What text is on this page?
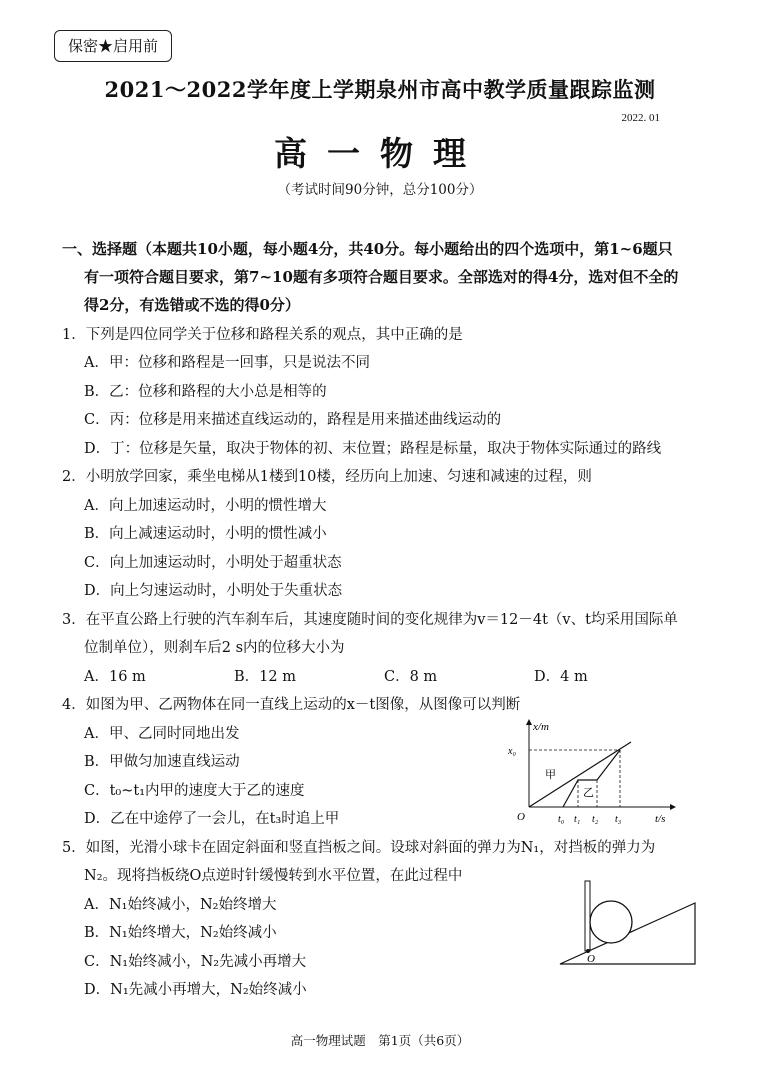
保密★启用前
2021～2022学年度上学期泉州市高中教学质量跟踪监测
2022. 01
高一物理
（考试时间90分钟，总分100分）
一、选择题（本题共10小题，每小题4分，共40分。每小题给出的四个选项中，第1~6题只
有一项符合题目要求，第7~10题有多项符合题目要求。全部选对的得4分，选对但不全的
得2分，有选错或不选的得0分）
1．下列是四位同学关于位移和路程关系的观点，其中正确的是
A．甲：位移和路程是一回事，只是说法不同
B．乙：位移和路程的大小总是相等的
C．丙：位移是用来描述直线运动的，路程是用来描述曲线运动的
D．丁：位移是矢量，取决于物体的初、末位置；路程是标量，取决于物体实际通过的路线
2．小明放学回家，乘坐电梯从1楼到10楼，经历向上加速、匀速和减速的过程，则
A．向上加速运动时，小明的惯性增大
B．向上减速运动时，小明的惯性减小
C．向上加速运动时，小明处于超重状态
D．向上匀速运动时，小明处于失重状态
3．在平直公路上行驶的汽车刹车后，其速度随时间的变化规律为v＝12－4t（v、t均采用国际单
位制单位），则刹车后2 s内的位移大小为
A．16 m	B．12 m	C．8 m	D．4 m
4．如图为甲、乙两物体在同一直线上运动的x－t图像，从图像可以判断
A．甲、乙同时同地出发
B．甲做匀加速直线运动
C．t₀~t₁内甲的速度大于乙的速度
D．乙在中途停了一会儿，在t₃时追上甲
x/m
t/s
O
x₀
甲
乙
t₀ t₁ t₂ t₃
5．如图，光滑小球卡在固定斜面和竖直挡板之间。设球对斜面的弹力为N₁，对挡板的弹力为
N₂。现将挡板绕O点逆时针缓慢转到水平位置，在此过程中
A．N₁始终减小，N₂始终增大
B．N₁始终增大，N₂始终减小
C．N₁始终减小，N₂先减小再增大
D．N₁先减小再增大，N₂始终减小
O
高一物理试题　第1页（共6页）
